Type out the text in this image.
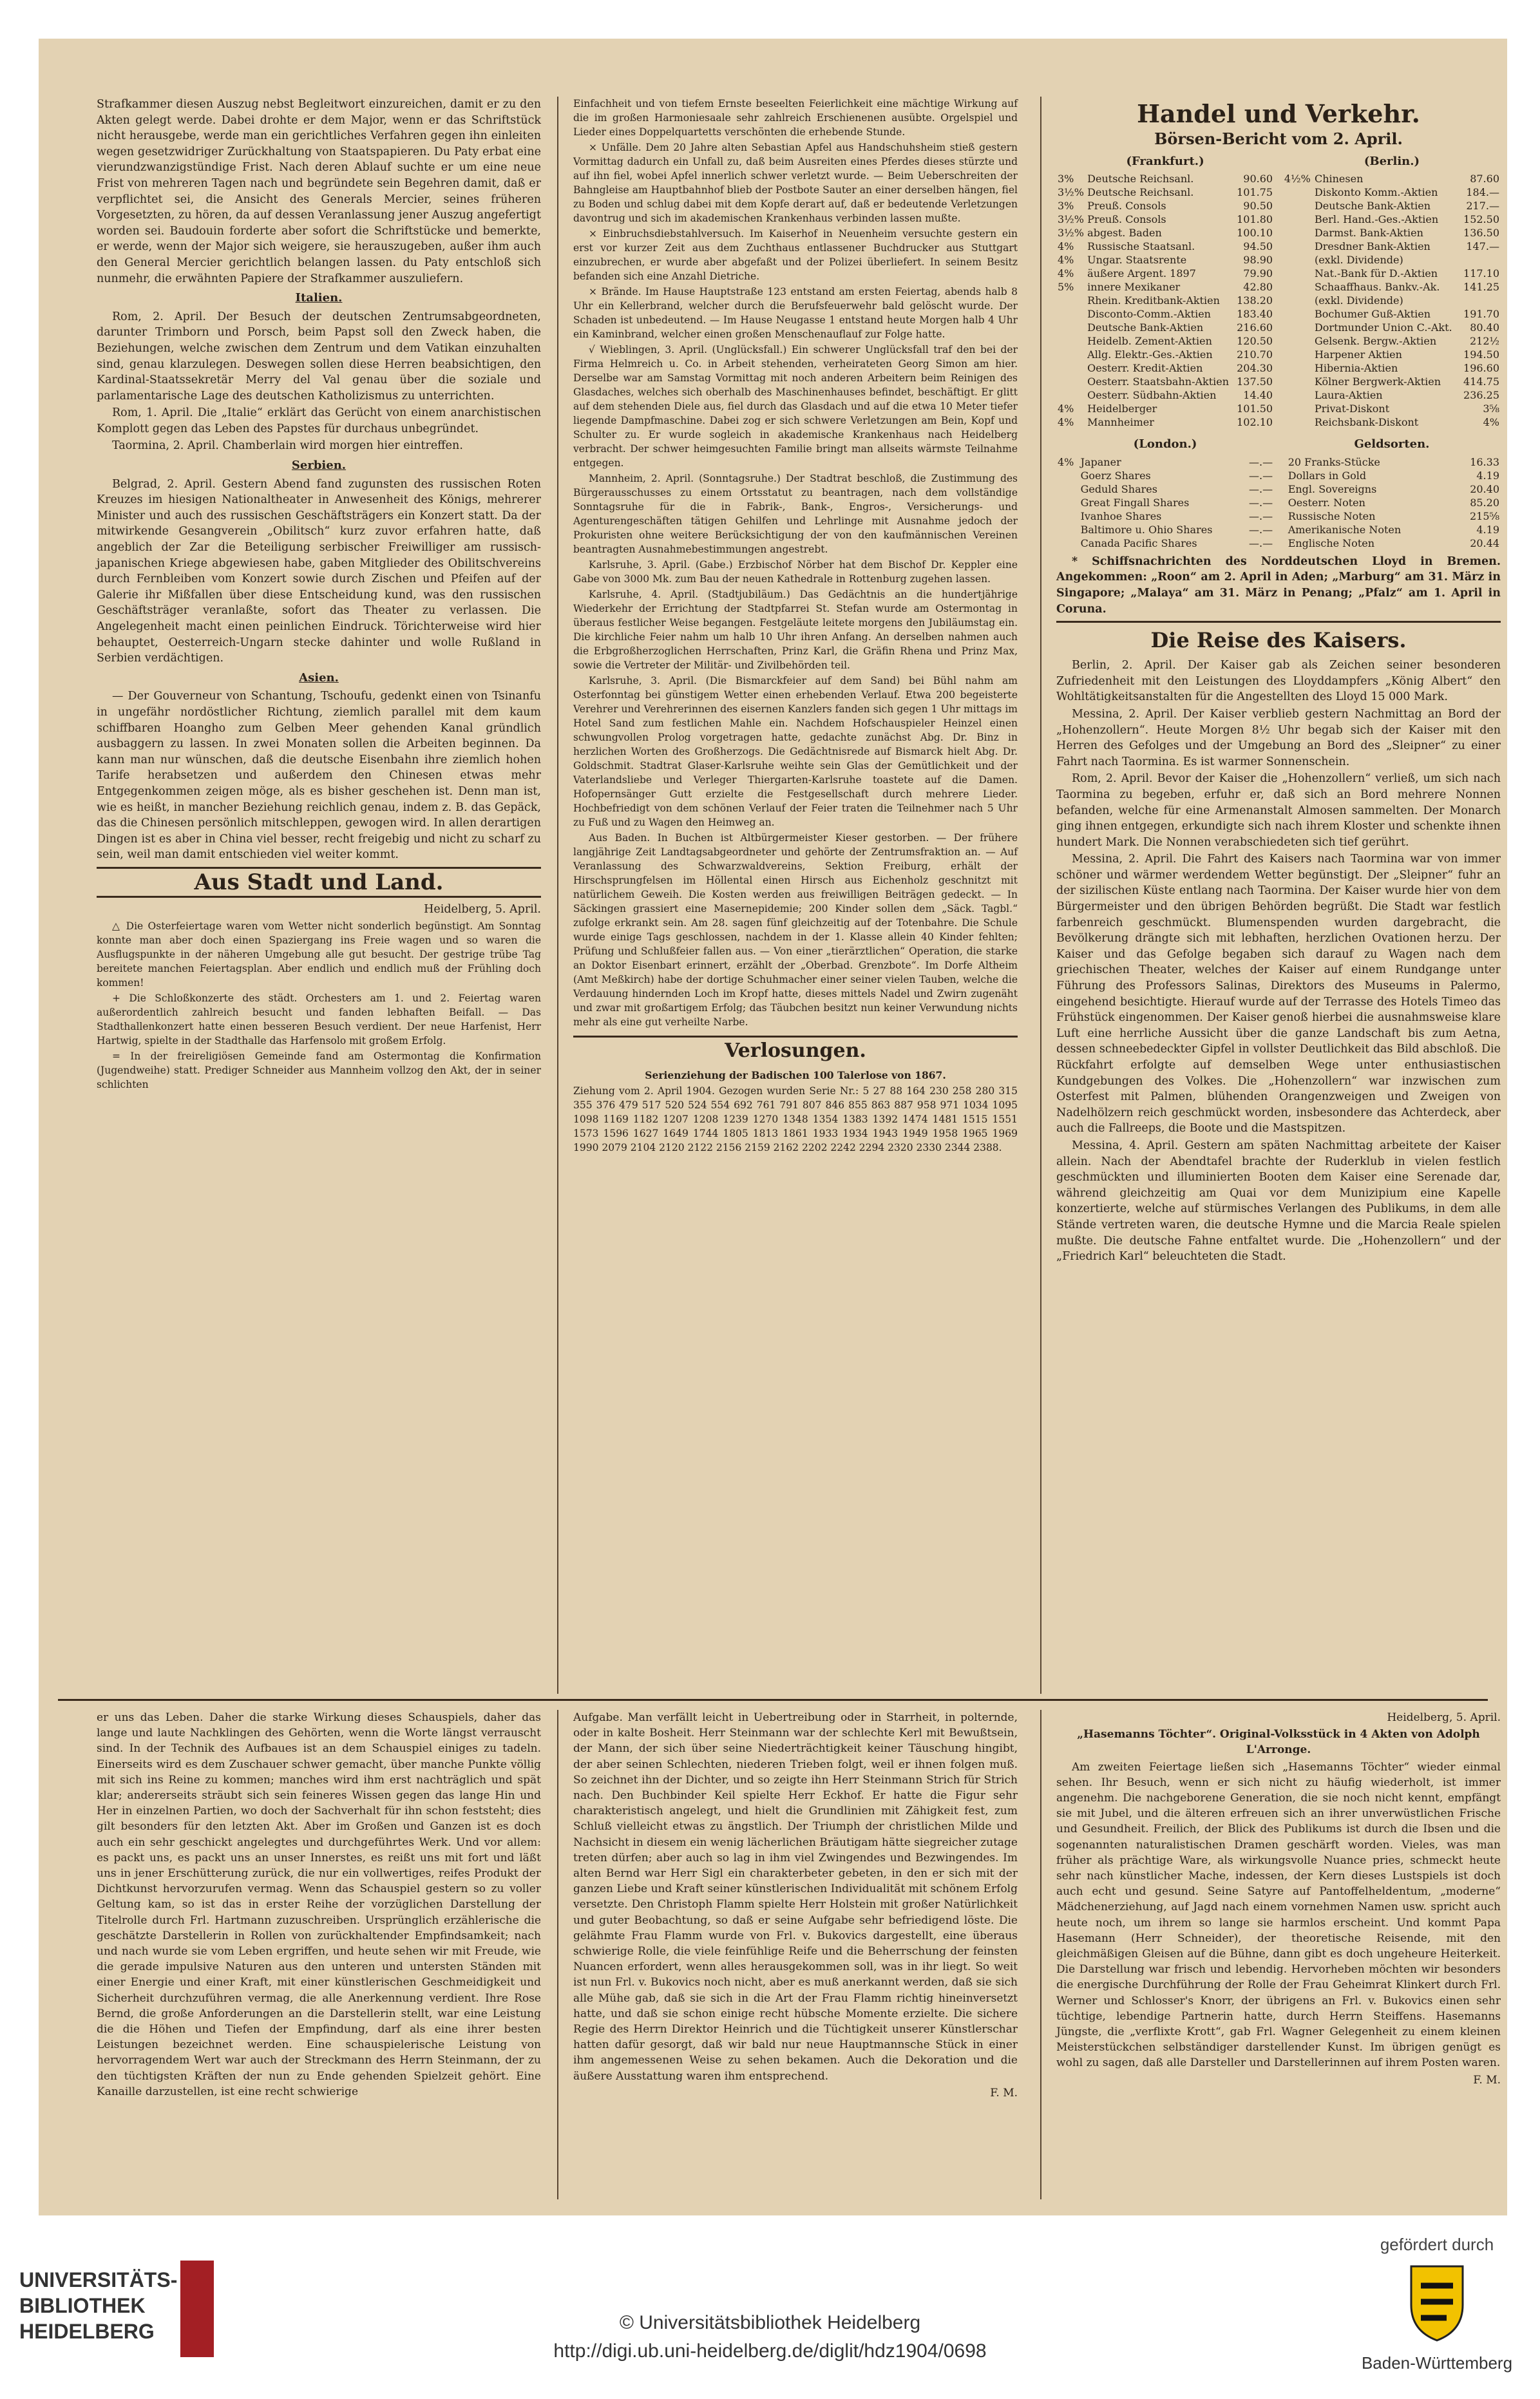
Strafkammer diesen Auszug nebst Begleitwort einzureichen, damit er zu den Akten gelegt werde. Dabei drohte er dem Major, wenn er das Schriftstück nicht herausgebe, werde man ein gerichtliches Verfahren gegen ihn einleiten wegen gesetzwidriger Zurückhaltung von Staatspapieren. Du Paty erbat eine vierundzwanzigstündige Frist. Nach deren Ablauf suchte er um eine neue Frist von mehreren Tagen nach und begründete sein Begehren damit, daß er verpflichtet sei, die Ansicht des Generals Mercier, seines früheren Vorgesetzten, zu hören, da auf dessen Veranlassung jener Auszug angefertigt worden sei. Baudouin forderte aber sofort die Schriftstücke und bemerkte, er werde, wenn der Major sich weigere, sie herauszugeben, außer ihm auch den General Mercier gerichtlich belangen lassen. du Paty entschloß sich nunmehr, die erwähnten Papiere der Strafkammer auszuliefern.

Italien.

Rom, 2. April. Der Besuch der deutschen Zentrumsabgeordneten, darunter Trimborn und Porsch, beim Papst soll den Zweck haben, die Beziehungen, welche zwischen dem Zentrum und dem Vatikan einzuhalten sind, genau klarzulegen. Deswegen sollen diese Herren beabsichtigen, den Kardinal-Staatssekretär Merry del Val genau über die soziale und parlamentarische Lage des deutschen Katholizismus zu unterrichten.

Rom, 1. April. Die „Italie“ erklärt das Gerücht von einem anarchistischen Komplott gegen das Leben des Papstes für durchaus unbegründet.

Taormina, 2. April. Chamberlain wird morgen hier eintreffen.

Serbien.

Belgrad, 2. April. Gestern Abend fand zugunsten des russischen Roten Kreuzes im hiesigen Nationaltheater in Anwesenheit des Königs, mehrerer Minister und auch des russischen Geschäftsträgers ein Konzert statt. Da der mitwirkende Gesangverein „Obilitsch“ kurz zuvor erfahren hatte, daß angeblich der Zar die Beteiligung serbischer Freiwilliger am russisch-japanischen Kriege abgewiesen habe, gaben Mitglieder des Obilitschvereins durch Fernbleiben vom Konzert sowie durch Zischen und Pfeifen auf der Galerie ihr Mißfallen über diese Entscheidung kund, was den russischen Geschäftsträger veranlaßte, sofort das Theater zu verlassen. Die Angelegenheit macht einen peinlichen Eindruck. Törichterweise wird hier behauptet, Oesterreich-Ungarn stecke dahinter und wolle Rußland in Serbien verdächtigen.

Asien.

— Der Gouverneur von Schantung, Tschoufu, gedenkt einen von Tsinanfu in ungefähr nordöstlicher Richtung, ziemlich parallel mit dem kaum schiffbaren Hoangho zum Gelben Meer gehenden Kanal gründlich ausbaggern zu lassen. In zwei Monaten sollen die Arbeiten beginnen. Da kann man nur wünschen, daß die deutsche Eisenbahn ihre ziemlich hohen Tarife herabsetzen und außerdem den Chinesen etwas mehr Entgegenkommen zeigen möge, als es bisher geschehen ist. Denn man ist, wie es heißt, in mancher Beziehung reichlich genau, indem z. B. das Gepäck, das die Chinesen persönlich mitschleppen, gewogen wird. In allen derartigen Dingen ist es aber in China viel besser, recht freigebig und nicht zu scharf zu sein, weil man damit entschieden viel weiter kommt.

Aus Stadt und Land.

Heidelberg, 5. April.

△ Die Osterfeiertage waren vom Wetter nicht sonderlich begünstigt. Am Sonntag konnte man aber doch einen Spaziergang ins Freie wagen und so waren die Ausflugspunkte in der näheren Umgebung alle gut besucht. Der gestrige trübe Tag bereitete manchen Feiertagsplan. Aber endlich und endlich muß der Frühling doch kommen!

+ Die Schloßkonzerte des städt. Orchesters am 1. und 2. Feiertag waren außerordentlich zahlreich besucht und fanden lebhaften Beifall. — Das Stadthallenkonzert hatte einen besseren Besuch verdient. Der neue Harfenist, Herr Hartwig, spielte in der Stadthalle das Harfensolo mit großem Erfolg.

= In der freireligiösen Gemeinde fand am Ostermontag die Konfirmation (Jugendweihe) statt. Prediger Schneider aus Mannheim vollzog den Akt, der in seiner schlichten

Einfachheit und von tiefem Ernste beseelten Feierlichkeit eine mächtige Wirkung auf die im großen Harmoniesaale sehr zahlreich Erschienenen ausübte. Orgelspiel und Lieder eines Doppelquartetts verschönten die erhebende Stunde.

× Unfälle. Dem 20 Jahre alten Sebastian Apfel aus Handschuhsheim stieß gestern Vormittag dadurch ein Unfall zu, daß beim Ausreiten eines Pferdes dieses stürzte und auf ihn fiel, wobei Apfel innerlich schwer verletzt wurde. — Beim Ueberschreiten der Bahngleise am Hauptbahnhof blieb der Postbote Sauter an einer derselben hängen, fiel zu Boden und schlug dabei mit dem Kopfe derart auf, daß er bedeutende Verletzungen davontrug und sich im akademischen Krankenhaus verbinden lassen mußte.

× Einbruchsdiebstahlversuch. Im Kaiserhof in Neuenheim versuchte gestern ein erst vor kurzer Zeit aus dem Zuchthaus entlassener Buchdrucker aus Stuttgart einzubrechen, er wurde aber abgefaßt und der Polizei überliefert. In seinem Besitz befanden sich eine Anzahl Dietriche.

× Brände. Im Hause Hauptstraße 123 entstand am ersten Feiertag, abends halb 8 Uhr ein Kellerbrand, welcher durch die Berufsfeuerwehr bald gelöscht wurde. Der Schaden ist unbedeutend. — Im Hause Neugasse 1 entstand heute Morgen halb 4 Uhr ein Kaminbrand, welcher einen großen Menschenauflauf zur Folge hatte.

√ Wieblingen, 3. April. (Unglücksfall.) Ein schwerer Unglücksfall traf den bei der Firma Helmreich u. Co. in Arbeit stehenden, verheirateten Georg Simon am hier. Derselbe war am Samstag Vormittag mit noch anderen Arbeitern beim Reinigen des Glasdaches, welches sich oberhalb des Maschinenhauses befindet, beschäftigt. Er glitt auf dem stehenden Diele aus, fiel durch das Glasdach und auf die etwa 10 Meter tiefer liegende Dampfmaschine. Dabei zog er sich schwere Verletzungen am Bein, Kopf und Schulter zu. Er wurde sogleich in akademische Krankenhaus nach Heidelberg verbracht. Der schwer heimgesuchten Familie bringt man allseits wärmste Teilnahme entgegen.

Mannheim, 2. April. (Sonntagsruhe.) Der Stadtrat beschloß, die Zustimmung des Bürgerausschusses zu einem Ortsstatut zu beantragen, nach dem vollständige Sonntagsruhe für die in Fabrik-, Bank-, Engros-, Versicherungs- und Agenturengeschäften tätigen Gehilfen und Lehrlinge mit Ausnahme jedoch der Prokuristen ohne weitere Berücksichtigung der von den kaufmännischen Vereinen beantragten Ausnahmebestimmungen angestrebt.

Karlsruhe, 3. April. (Gabe.) Erzbischof Nörber hat dem Bischof Dr. Keppler eine Gabe von 3000 Mk. zum Bau der neuen Kathedrale in Rottenburg zugehen lassen.

Karlsruhe, 4. April. (Stadtjubiläum.) Das Gedächtnis an die hundertjährige Wiederkehr der Errichtung der Stadtpfarrei St. Stefan wurde am Ostermontag in überaus festlicher Weise begangen. Festgeläute leitete morgens den Jubiläumstag ein. Die kirchliche Feier nahm um halb 10 Uhr ihren Anfang. An derselben nahmen auch die Erbgroßherzoglichen Herrschaften, Prinz Karl, die Gräfin Rhena und Prinz Max, sowie die Vertreter der Militär- und Zivilbehörden teil.

Karlsruhe, 3. April. (Die Bismarckfeier auf dem Sand) bei Bühl nahm am Osterfonntag bei günstigem Wetter einen erhebenden Verlauf. Etwa 200 begeisterte Verehrer und Verehrerinnen des eisernen Kanzlers fanden sich gegen 1 Uhr mittags im Hotel Sand zum festlichen Mahle ein. Nachdem Hofschauspieler Heinzel einen schwungvollen Prolog vorgetragen hatte, gedachte zunächst Abg. Dr. Binz in herzlichen Worten des Großherzogs. Die Gedächtnisrede auf Bismarck hielt Abg. Dr. Goldschmit. Stadtrat Glaser-Karlsruhe weihte sein Glas der Gemütlichkeit und der Vaterlandsliebe und Verleger Thiergarten-Karlsruhe toastete auf die Damen. Hofopernsänger Gutt erzielte die Festgesellschaft durch mehrere Lieder. Hochbefriedigt von dem schönen Verlauf der Feier traten die Teilnehmer nach 5 Uhr zu Fuß und zu Wagen den Heimweg an.

Aus Baden. In Buchen ist Altbürgermeister Kieser gestorben. — Der frühere langjährige Zeit Landtagsabgeordneter und gehörte der Zentrumsfraktion an. — Auf Veranlassung des Schwarzwaldvereins, Sektion Freiburg, erhält der Hirschsprungfelsen im Höllental einen Hirsch aus Eichenholz geschnitzt mit natürlichem Geweih. Die Kosten werden aus freiwilligen Beiträgen gedeckt. — In Säckingen grassiert eine Masernepidemie; 200 Kinder sollen dem „Säck. Tagbl.“ zufolge erkrankt sein. Am 28. sagen fünf gleichzeitig auf der Totenbahre. Die Schule wurde einige Tags geschlossen, nachdem in der 1. Klasse allein 40 Kinder fehlten; Prüfung und Schlußfeier fallen aus. — Von einer „tierärztlichen“ Operation, die starke an Doktor Eisenbart erinnert, erzählt der „Oberbad. Grenzbote“. Im Dorfe Altheim (Amt Meßkirch) habe der dortige Schuhmacher einer seiner vielen Tauben, welche die Verdauung hindernden Loch im Kropf hatte, dieses mittels Nadel und Zwirn zugenäht und zwar mit großartigem Erfolg; das Täubchen besitzt nun keiner Verwundung nichts mehr als eine gut verheilte Narbe.

Verlosungen.

Serienziehung der Badischen 100 Talerlose von 1867.

Ziehung vom 2. April 1904. Gezogen wurden Serie Nr.: 5 27 88 164 230 258 280 315 355 376 479 517 520 524 554 692 761 791 807 846 855 863 887 958 971 1034 1095 1098 1169 1182 1207 1208 1239 1270 1348 1354 1383 1392 1474 1481 1515 1551 1573 1596 1627 1649 1744 1805 1813 1861 1933 1934 1943 1949 1958 1965 1969 1990 2079 2104 2120 2122 2156 2159 2162 2202 2242 2294 2320 2330 2344 2388.

Handel und Verkehr.
Börsen-Bericht vom 2. April.
(Frankfurt.)
3%	Deutsche Reichsanl.	90.60
3½%	Deutsche Reichsanl.	101.75
3%	Preuß. Consols	90.50
3½%	Preuß. Consols	101.80
3½%	abgest. Baden	100.10
4%	Russische Staatsanl.	94.50
4%	Ungar. Staatsrente	98.90
4%	äußere Argent. 1897	79.90
5%	innere Mexikaner	42.80
	Rhein. Kreditbank-Aktien	138.20
	Disconto-Comm.-Aktien	183.40
	Deutsche Bank-Aktien	216.60
	Heidelb. Zement-Aktien	120.50
	Allg. Elektr.-Ges.-Aktien	210.70
	Oesterr. Kredit-Aktien	204.30
	Oesterr. Staatsbahn-Aktien	137.50
	Oesterr. Südbahn-Aktien	14.40
4%	Heidelberger	101.50
4%	Mannheimer	102.10
(Berlin.)
4½%	Chinesen	87.60
	Diskonto Komm.-Aktien	184.—
	Deutsche Bank-Aktien	217.—
	Berl. Hand.-Ges.-Aktien	152.50
	Darmst. Bank-Aktien	136.50
	Dresdner Bank-Aktien	147.—
	(exkl. Dividende)	
	Nat.-Bank für D.-Aktien	117.10
	Schaaffhaus. Bankv.-Ak.	141.25
	(exkl. Dividende)	
	Bochumer Guß-Aktien	191.70
	Dortmunder Union C.-Akt.	80.40
	Gelsenk. Bergw.-Aktien	212½
	Harpener Aktien	194.50
	Hibernia-Aktien	196.60
	Kölner Bergwerk-Aktien	414.75
	Laura-Aktien	236.25
	Privat-Diskont	3⅝
	Reichsbank-Diskont	4%
(London.)
4%	Japaner	—.—
	Goerz Shares	—.—
	Geduld Shares	—.—
	Great Fingall Shares	—.—
	Ivanhoe Shares	—.—
	Baltimore u. Ohio Shares	—.—
	Canada Pacific Shares	—.—
Geldsorten.
	20 Franks-Stücke	16.33
	Dollars in Gold	4.19
	Engl. Sovereigns	20.40
	Oesterr. Noten	85.20
	Russische Noten	215⅝
	Amerikanische Noten	4.19
	Englische Noten	20.44

* Schiffsnachrichten des Norddeutschen Lloyd in Bremen. Angekommen: „Roon“ am 2. April in Aden; „Marburg“ am 31. März in Singapore; „Malaya“ am 31. März in Penang; „Pfalz“ am 1. April in Coruna.

Die Reise des Kaisers.

Berlin, 2. April. Der Kaiser gab als Zeichen seiner besonderen Zufriedenheit mit den Leistungen des Lloyddampfers „König Albert“ den Wohltätigkeitsanstalten für die Angestellten des Lloyd 15 000 Mark.

Messina, 2. April. Der Kaiser verblieb gestern Nachmittag an Bord der „Hohenzollern“. Heute Morgen 8½ Uhr begab sich der Kaiser mit den Herren des Gefolges und der Umgebung an Bord des „Sleipner“ zu einer Fahrt nach Taormina. Es ist warmer Sonnenschein.

Rom, 2. April. Bevor der Kaiser die „Hohenzollern“ verließ, um sich nach Taormina zu begeben, erfuhr er, daß sich an Bord mehrere Nonnen befanden, welche für eine Armenanstalt Almosen sammelten. Der Monarch ging ihnen entgegen, erkundigte sich nach ihrem Kloster und schenkte ihnen hundert Mark. Die Nonnen verabschiedeten sich tief gerührt.

Messina, 2. April. Die Fahrt des Kaisers nach Taormina war von immer schöner und wärmer werdendem Wetter begünstigt. Der „Sleipner“ fuhr an der sizilischen Küste entlang nach Taormina. Der Kaiser wurde hier von dem Bürgermeister und den übrigen Behörden begrüßt. Die Stadt war festlich farbenreich geschmückt. Blumenspenden wurden dargebracht, die Bevölkerung drängte sich mit lebhaften, herzlichen Ovationen herzu. Der Kaiser und das Gefolge begaben sich darauf zu Wagen nach dem griechischen Theater, welches der Kaiser auf einem Rundgange unter Führung des Professors Salinas, Direktors des Museums in Palermo, eingehend besichtigte. Hierauf wurde auf der Terrasse des Hotels Timeo das Frühstück eingenommen. Der Kaiser genoß hierbei die ausnahmsweise klare Luft eine herrliche Aussicht über die ganze Landschaft bis zum Aetna, dessen schneebedeckter Gipfel in vollster Deutlichkeit das Bild abschloß. Die Rückfahrt erfolgte auf demselben Wege unter enthusiastischen Kundgebungen des Volkes. Die „Hohenzollern“ war inzwischen zum Osterfest mit Palmen, blühenden Orangenzweigen und Zweigen von Nadelhölzern reich geschmückt worden, insbesondere das Achterdeck, aber auch die Fallreeps, die Boote und die Mastspitzen.

Messina, 4. April. Gestern am späten Nachmittag arbeitete der Kaiser allein. Nach der Abendtafel brachte der Ruderklub in vielen festlich geschmückten und illuminierten Booten dem Kaiser eine Serenade dar, während gleichzeitig am Quai vor dem Munizipium eine Kapelle konzertierte, welche auf stürmisches Verlangen des Publikums, in dem alle Stände vertreten waren, die deutsche Hymne und die Marcia Reale spielen mußte. Die deutsche Fahne entfaltet wurde. Die „Hohenzollern“ und der „Friedrich Karl“ beleuchteten die Stadt.

er uns das Leben. Daher die starke Wirkung dieses Schauspiels, daher das lange und laute Nachklingen des Gehörten, wenn die Worte längst verrauscht sind. In der Technik des Aufbaues ist an dem Schauspiel einiges zu tadeln. Einerseits wird es dem Zuschauer schwer gemacht, über manche Punkte völlig mit sich ins Reine zu kommen; manches wird ihm erst nachträglich und spät klar; andererseits sträubt sich sein feineres Wissen gegen das lange Hin und Her in einzelnen Partien, wo doch der Sachverhalt für ihn schon feststeht; dies gilt besonders für den letzten Akt. Aber im Großen und Ganzen ist es doch auch ein sehr geschickt angelegtes und durchgeführtes Werk. Und vor allem: es packt uns, es packt uns an unser Innerstes, es reißt uns mit fort und läßt uns in jener Erschütterung zurück, die nur ein vollwertiges, reifes Produkt der Dichtkunst hervorzurufen vermag. Wenn das Schauspiel gestern so zu voller Geltung kam, so ist das in erster Reihe der vorzüglichen Darstellung der Titelrolle durch Frl. Hartmann zuzuschreiben. Ursprünglich erzählerische die geschätzte Darstellerin in Rollen von zurückhaltender Empfindsamkeit; nach und nach wurde sie vom Leben ergriffen, und heute sehen wir mit Freude, wie die gerade impulsive Naturen aus den unteren und untersten Ständen mit einer Energie und einer Kraft, mit einer künstlerischen Geschmeidigkeit und Sicherheit durchzuführen vermag, die alle Anerkennung verdient. Ihre Rose Bernd, die große Anforderungen an die Darstellerin stellt, war eine Leistung die die Höhen und Tiefen der Empfindung, darf als eine ihrer besten Leistungen bezeichnet werden. Eine schauspielerische Leistung von hervorragendem Wert war auch der Streckmann des Herrn Steinmann, der zu den tüchtigsten Kräften der nun zu Ende gehenden Spielzeit gehört. Eine Kanaille darzustellen, ist eine recht schwierige

Aufgabe. Man verfällt leicht in Uebertreibung oder in Starrheit, in polternde, oder in kalte Bosheit. Herr Steinmann war der schlechte Kerl mit Bewußtsein, der Mann, der sich über seine Niederträchtigkeit keiner Täuschung hingibt, der aber seinen Schlechten, niederen Trieben folgt, weil er ihnen folgen muß. So zeichnet ihn der Dichter, und so zeigte ihn Herr Steinmann Strich für Strich nach. Den Buchbinder Keil spielte Herr Eckhof. Er hatte die Figur sehr charakteristisch angelegt, und hielt die Grundlinien mit Zähigkeit fest, zum Schluß vielleicht etwas zu ängstlich. Der Triumph der christlichen Milde und Nachsicht in diesem ein wenig lächerlichen Bräutigam hätte siegreicher zutage treten dürfen; aber auch so lag in ihm viel Zwingendes und Bezwingendes. Im alten Bernd war Herr Sigl ein charakterbeter gebeten, in den er sich mit der ganzen Liebe und Kraft seiner künstlerischen Individualität mit schönem Erfolg versetzte. Den Christoph Flamm spielte Herr Holstein mit großer Natürlichkeit und guter Beobachtung, so daß er seine Aufgabe sehr befriedigend löste. Die gelähmte Frau Flamm wurde von Frl. v. Bukovics dargestellt, eine überaus schwierige Rolle, die viele feinfühlige Reife und die Beherrschung der feinsten Nuancen erfordert, wenn alles herausgekommen soll, was in ihr liegt. So weit ist nun Frl. v. Bukovics noch nicht, aber es muß anerkannt werden, daß sie sich alle Mühe gab, daß sie sich in die Art der Frau Flamm richtig hineinversetzt hatte, und daß sie schon einige recht hübsche Momente erzielte. Die sichere Regie des Herrn Direktor Heinrich und die Tüchtigkeit unserer Künstlerschar hatten dafür gesorgt, daß wir bald nur neue Hauptmannsche Stück in einer ihm angemessenen Weise zu sehen bekamen. Auch die Dekoration und die äußere Ausstattung waren ihm entsprechend.

F. M.

Heidelberg, 5. April.

„Hasemanns Töchter“. Original-Volksstück in 4 Akten von Adolph L'Arronge.

Am zweiten Feiertage ließen sich „Hasemanns Töchter“ wieder einmal sehen. Ihr Besuch, wenn er sich nicht zu häufig wiederholt, ist immer angenehm. Die nachgeborene Generation, die sie noch nicht kennt, empfängt sie mit Jubel, und die älteren erfreuen sich an ihrer unverwüstlichen Frische und Gesundheit. Freilich, der Blick des Publikums ist durch die Ibsen und die sogenannten naturalistischen Dramen geschärft worden. Vieles, was man früher als prächtige Ware, als wirkungsvolle Nuance pries, schmeckt heute sehr nach künstlicher Mache, indessen, der Kern dieses Lustspiels ist doch auch echt und gesund. Seine Satyre auf Pantoffelheldentum, „moderne“ Mädchenerziehung, auf Jagd nach einem vornehmen Namen usw. spricht auch heute noch, um ihrem so lange sie harmlos erscheint. Und kommt Papa Hasemann (Herr Schneider), der theoretische Reisende, mit den gleichmäßigen Gleisen auf die Bühne, dann gibt es doch ungeheure Heiterkeit. Die Darstellung war frisch und lebendig. Hervorheben möchten wir besonders die energische Durchführung der Rolle der Frau Geheimrat Klinkert durch Frl. Werner und Schlosser's Knorr, der übrigens an Frl. v. Bukovics einen sehr tüchtige, lebendige Partnerin hatte, durch Herrn Steiffens. Hasemanns Jüngste, die „verflixte Krott“, gab Frl. Wagner Gelegenheit zu einem kleinen Meisterstückchen selbständiger darstellender Kunst. Im übrigen genügt es wohl zu sagen, daß alle Darsteller und Darstellerinnen auf ihrem Posten waren.

F. M.

UNIVERSITÄTS-
BIBLIOTHEK
HEIDELBERG	© Universitätsbibliothek Heidelberg
http://digi.ub.uni-heidelberg.de/diglit/hdz1904/0698
gefördert durch
Baden-Württemberg
